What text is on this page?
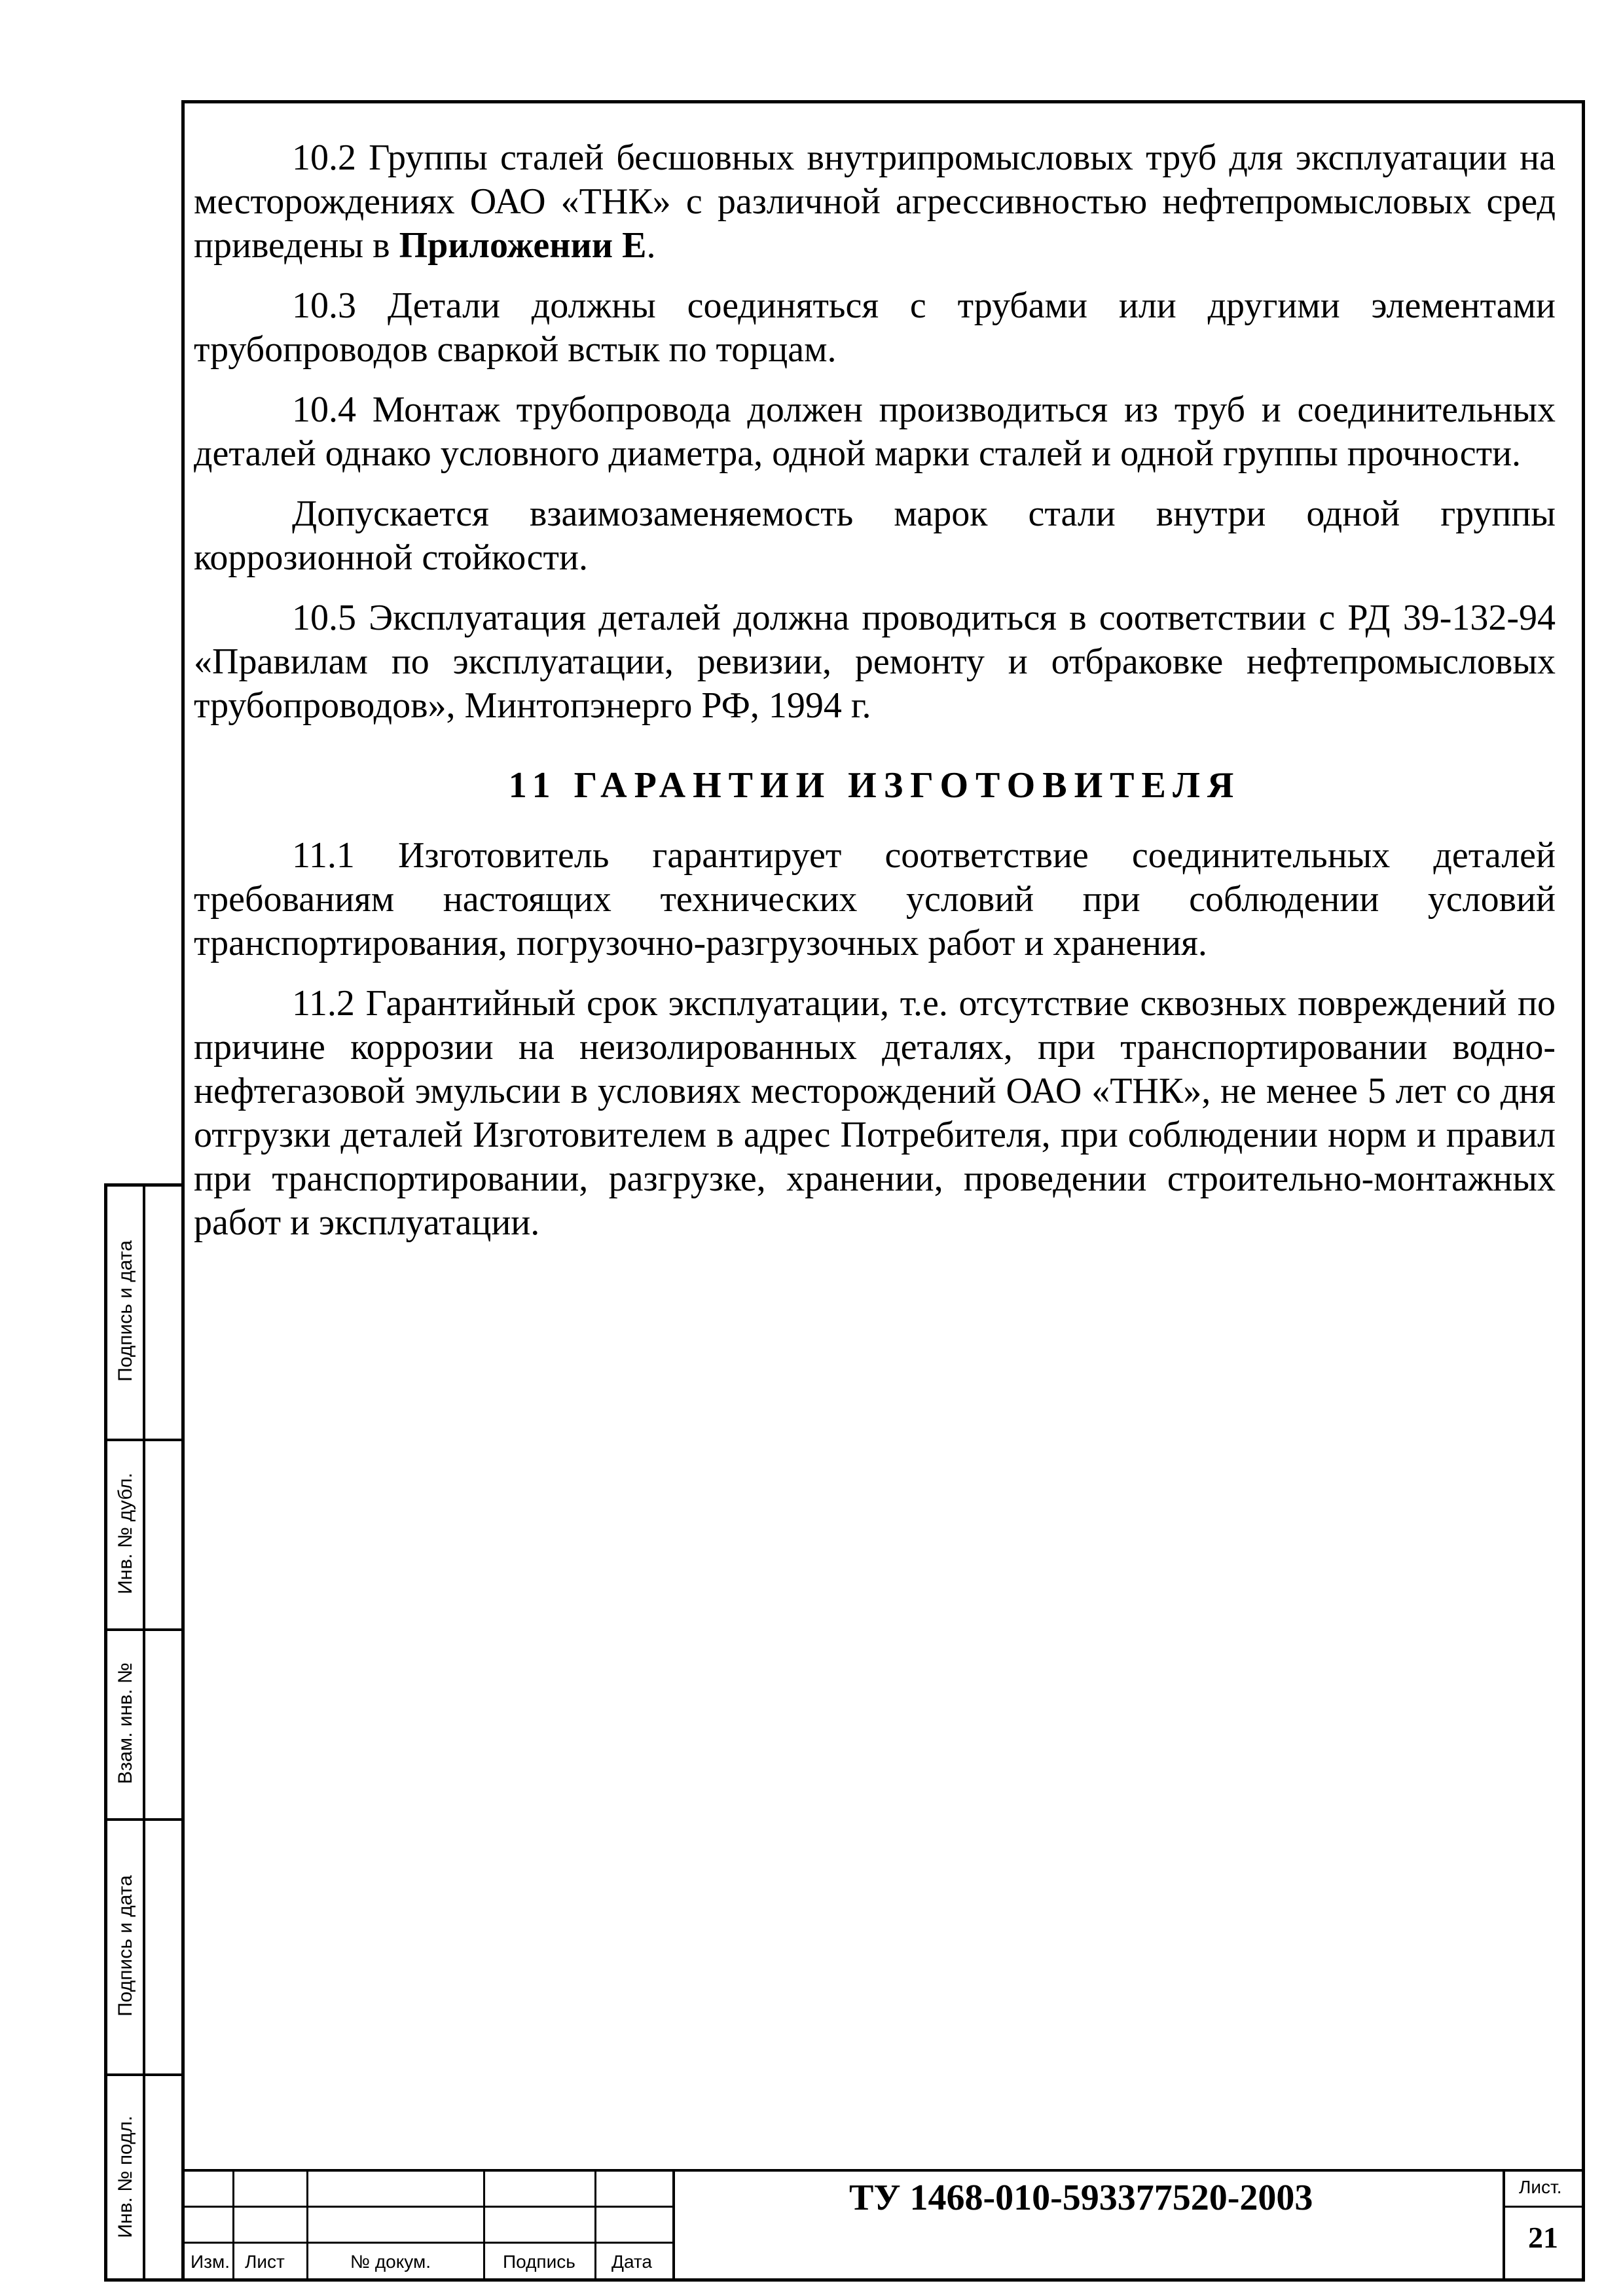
10.2 Группы сталей бесшовных внутрипромысловых труб для эксплуатации на месторождениях ОАО «ТНК» с различной агрессивностью нефтепромысловых сред приведены в Приложении Е.

10.3 Детали должны соединяться с трубами или другими элементами трубопроводов сваркой встык по торцам.

10.4 Монтаж трубопровода должен производиться из труб и соединительных деталей однако условного диаметра, одной марки сталей и одной группы прочности.

Допускается взаимозаменяемость марок стали внутри одной группы коррозионной стойкости.

10.5 Эксплуатация деталей должна проводиться в соответствии с РД 39-132-94 «Правилам по эксплуатации, ревизии, ремонту и отбраковке нефтепромысловых трубопроводов», Минтопэнерго РФ, 1994 г.

11 ГАРАНТИИ ИЗГОТОВИТЕЛЯ

11.1 Изготовитель гарантирует соответствие соединительных деталей требованиям настоящих технических условий при соблюдении условий транспортирования, погрузочно-разгрузочных работ и хранения.

11.2 Гарантийный срок эксплуатации, т.е. отсутствие сквозных повреждений по причине коррозии на неизолированных деталях, при транспортировании водно-нефтегазовой эмульсии в условиях месторождений ОАО «ТНК», не менее 5 лет со дня отгрузки деталей Изготовителем в адрес Потребителя, при соблюдении норм и правил при транспортировании, разгрузке, хранении, проведении строительно-монтажных работ и эксплуатации.

Подпись и дата
Инв. № дубл.
Взам. инв. №
Подпись и дата
Инв. № подл.
Изм. Лист	№ докум.	Подпись Дата
ТУ 1468-010-593377520-2003	Лист.
21
